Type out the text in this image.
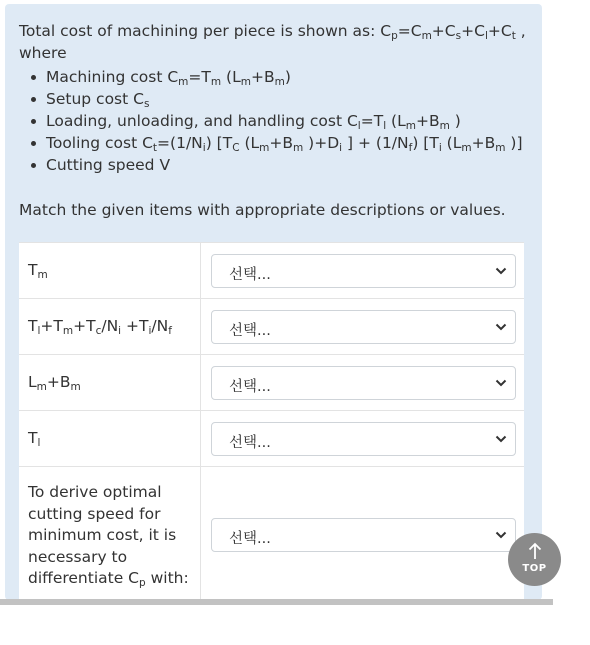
Total cost of machining per piece is shown as: $C_p=C_m+C_s+C_l+C_t$ , where

Machining cost $C_m=T_m$ $(L_m+B_m)$
Setup cost $C_s$
Loading, unloading, and handling cost $C_l=T_l$ ($L_m+B_m$ )
Tooling cost $C_t=(1/N_i)$ [$T_C$ ($L_m+B_m$ )$+D_i$ ] + $(1/N_f)$ [$T_i$ ($L_m+B_m$ )]
Cutting speed V
Match the given items with appropriate descriptions or values.
$T_m$	선택...

$T_l+T_m+T_c/N_i +T_i/N_f$	선택...

$L_m+B_m$	선택...

$T_l$	선택...

To derive optimal cutting speed for minimum cost, it is necessary to differentiate $C_p$ with:	선택...
TOP
